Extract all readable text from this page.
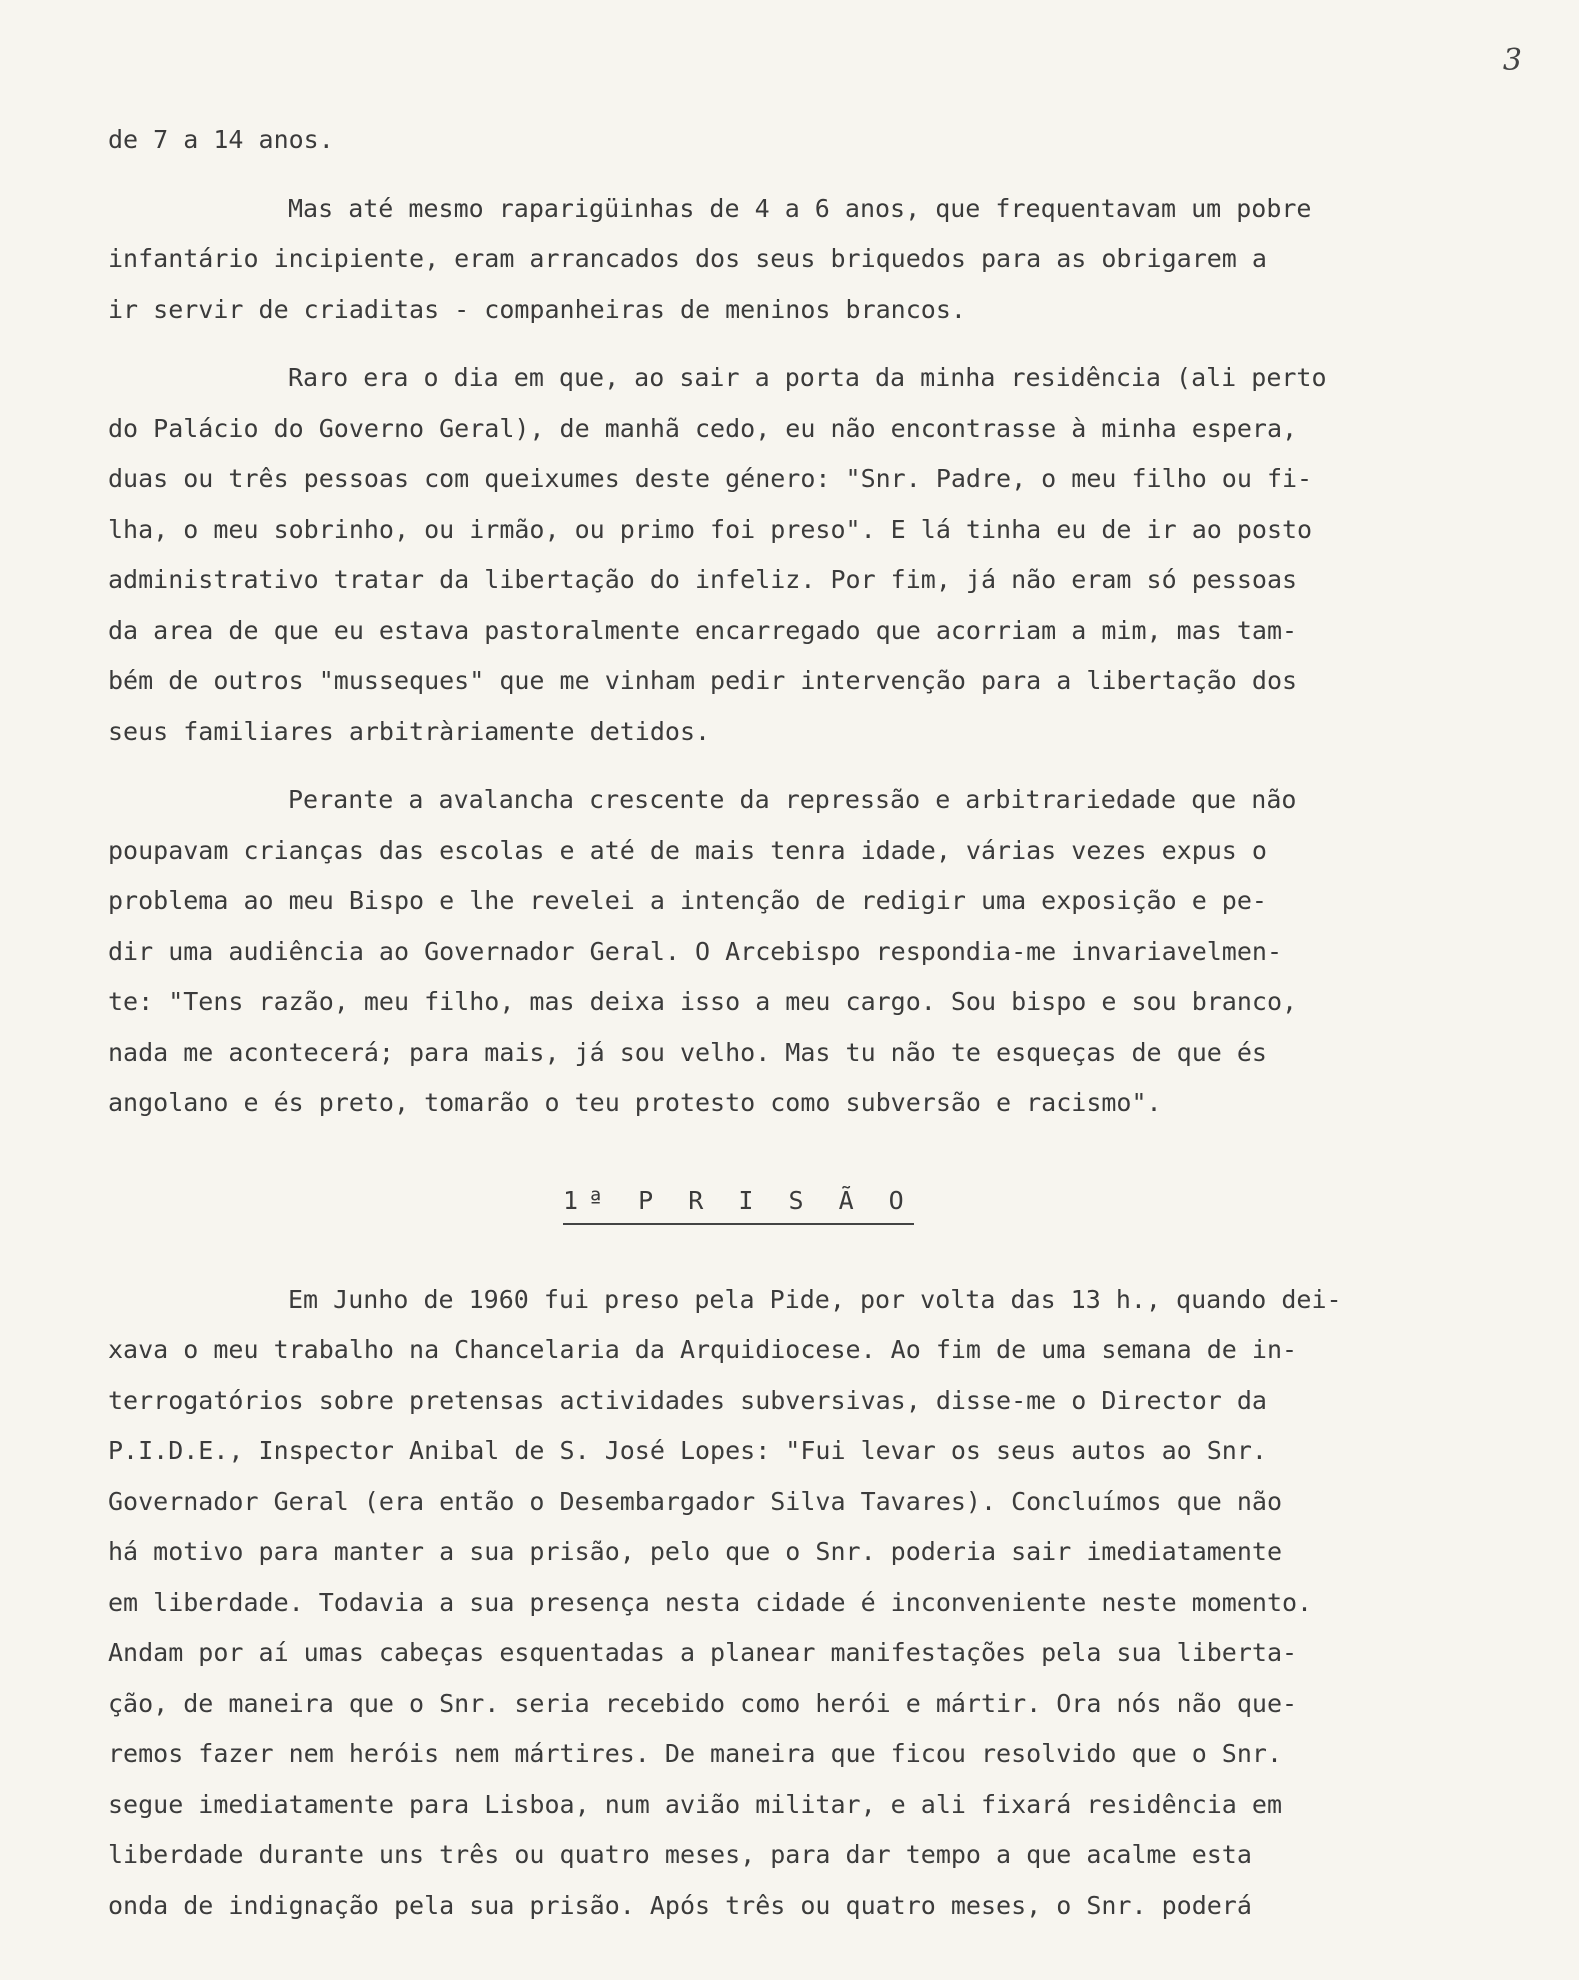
3
de 7 a 14 anos.
Mas até mesmo raparigüinhas de 4 a 6 anos, que frequentavam um pobre
infantário incipiente, eram arrancados dos seus briquedos para as obrigarem a
ir servir de criaditas - companheiras de meninos brancos.
Raro era o dia em que, ao sair a porta da minha residência (ali perto
do Palácio do Governo Geral), de manhã cedo, eu não encontrasse à minha espera,
duas ou três pessoas com queixumes deste género: "Snr. Padre, o meu filho ou fi-
lha, o meu sobrinho, ou irmão, ou primo foi preso". E lá tinha eu de ir ao posto
administrativo tratar da libertação do infeliz. Por fim, já não eram só pessoas
da area de que eu estava pastoralmente encarregado que acorriam a mim, mas tam-
bém de outros "musseques" que me vinham pedir intervenção para a libertação dos
seus familiares arbitràriamente detidos.
Perante a avalancha crescente da repressão e arbitrariedade que não
poupavam crianças das escolas e até de mais tenra idade, várias vezes expus o
problema ao meu Bispo e lhe revelei a intenção de redigir uma exposição e pe-
dir uma audiência ao Governador Geral. O Arcebispo respondia-me invariavelmen-
te: "Tens razão, meu filho, mas deixa isso a meu cargo. Sou bispo e sou branco,
nada me acontecerá; para mais, já sou velho. Mas tu não te esqueças de que és
angolano e és preto, tomarão o teu protesto como subversão e racismo".

1ª P R I S Ã O

Em Junho de 1960 fui preso pela Pide, por volta das 13 h., quando dei-
xava o meu trabalho na Chancelaria da Arquidiocese. Ao fim de uma semana de in-
terrogatórios sobre pretensas actividades subversivas, disse-me o Director da
P.I.D.E., Inspector Anibal de S. José Lopes: "Fui levar os seus autos ao Snr.
Governador Geral (era então o Desembargador Silva Tavares). Concluímos que não
há motivo para manter a sua prisão, pelo que o Snr. poderia sair imediatamente
em liberdade. Todavia a sua presença nesta cidade é inconveniente neste momento.
Andam por aí umas cabeças esquentadas a planear manifestações pela sua liberta-
ção, de maneira que o Snr. seria recebido como herói e mártir. Ora nós não que-
remos fazer nem heróis nem mártires. De maneira que ficou resolvido que o Snr.
segue imediatamente para Lisboa, num avião militar, e ali fixará residência em
liberdade durante uns três ou quatro meses, para dar tempo a que acalme esta
onda de indignação pela sua prisão. Após três ou quatro meses, o Snr. poderá
